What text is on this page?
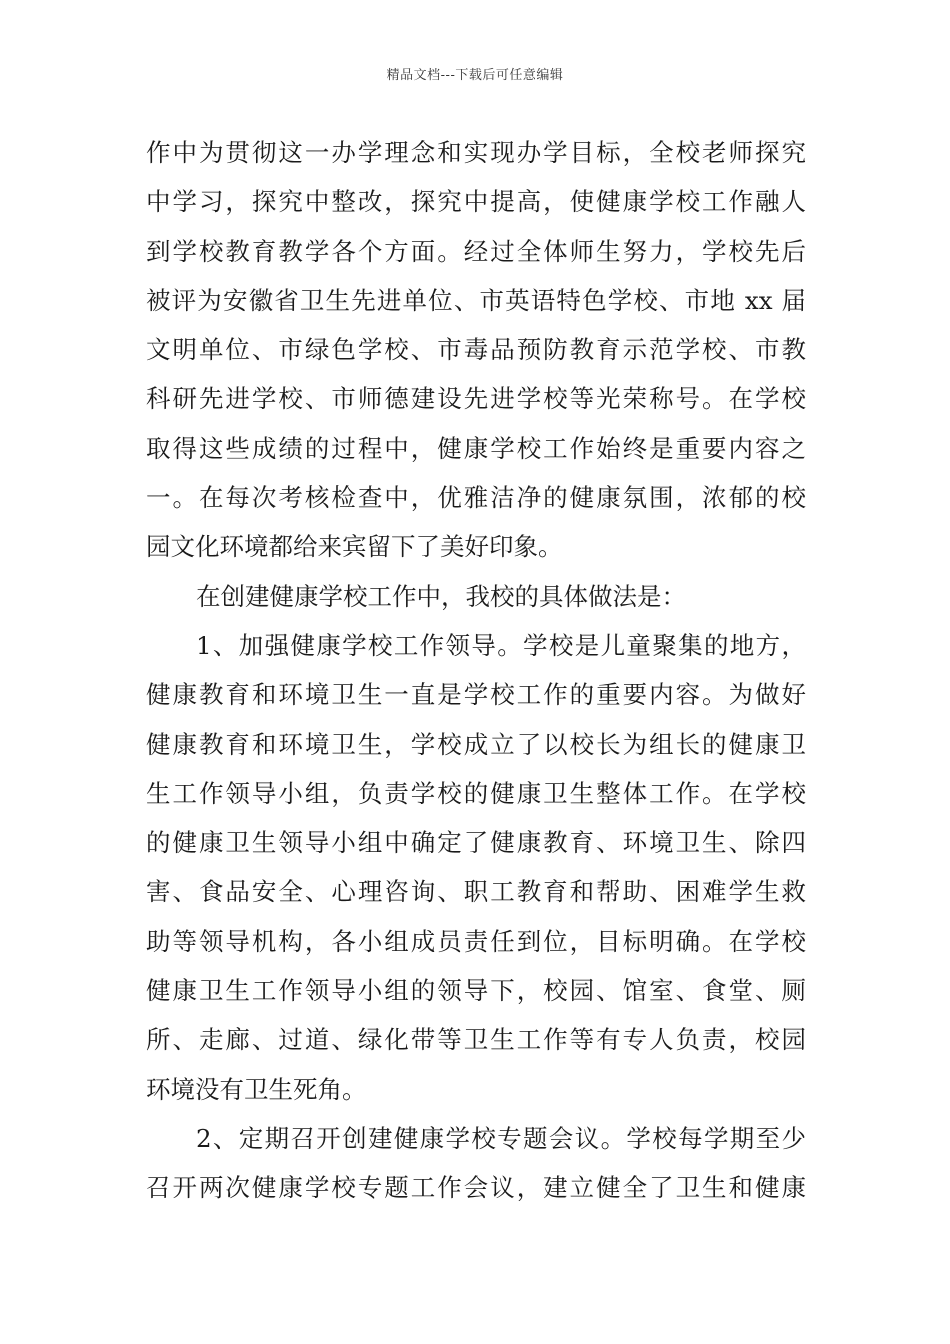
精品文档---下载后可任意编辑
作中为贯彻这一办学理念和实现办学目标，全校老师探究
中学习，探究中整改，探究中提高，使健康学校工作融人
到学校教育教学各个方面。经过全体师生努力，学校先后
被评为安徽省卫生先进单位、市英语特色学校、市地 xx 届
文明单位、市绿色学校、市毒品预防教育示范学校、市教
科研先进学校、市师德建设先进学校等光荣称号。在学校
取得这些成绩的过程中，健康学校工作始终是重要内容之
一。在每次考核检查中，优雅洁净的健康氛围，浓郁的校
园文化环境都给来宾留下了美好印象。
在创建健康学校工作中，我校的具体做法是：
1、加强健康学校工作领导。学校是儿童聚集的地方，
健康教育和环境卫生一直是学校工作的重要内容。为做好
健康教育和环境卫生，学校成立了以校长为组长的健康卫
生工作领导小组，负责学校的健康卫生整体工作。在学校
的健康卫生领导小组中确定了健康教育、环境卫生、除四
害、食品安全、心理咨询、职工教育和帮助、困难学生救
助等领导机构，各小组成员责任到位，目标明确。在学校
健康卫生工作领导小组的领导下，校园、馆室、食堂、厕
所、走廊、过道、绿化带等卫生工作等有专人负责，校园
环境没有卫生死角。
2、定期召开创建健康学校专题会议。学校每学期至少
召开两次健康学校专题工作会议，建立健全了卫生和健康
